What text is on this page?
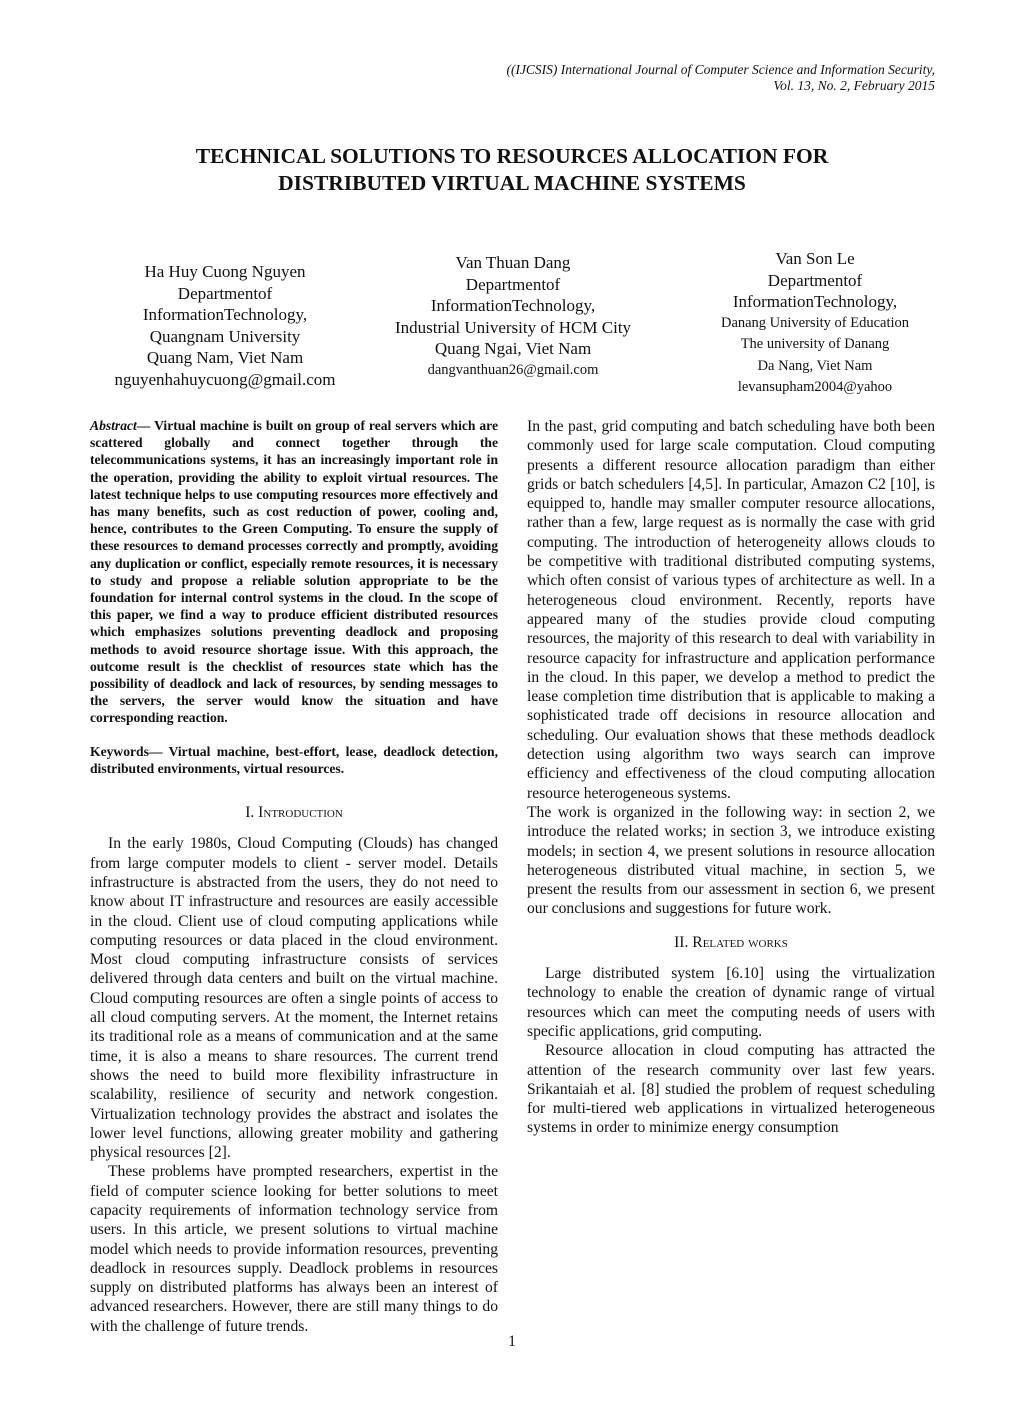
((IJCSIS) International Journal of Computer Science and Information Security,
Vol. 13, No. 2, February 2015
TECHNICAL SOLUTIONS TO RESOURCES ALLOCATION FOR
DISTRIBUTED VIRTUAL MACHINE SYSTEMS
Ha Huy Cuong Nguyen
Departmentof
InformationTechnology,
Quangnam University
Quang Nam, Viet Nam
nguyenhahuycuong@gmail.com
Van Thuan Dang
Departmentof
InformationTechnology,
Industrial University of HCM City
Quang Ngai, Viet Nam
dangvanthuan26@gmail.com
Van Son Le
Departmentof
InformationTechnology,
Danang University of Education
The university of Danang
Da Nang, Viet Nam
levansupham2004@yahoo

Abstract— Virtual machine is built on group of real servers which are scattered globally and connect together through the telecommunications systems, it has an increasingly important role in the operation, providing the ability to exploit virtual resources. The latest technique helps to use computing resources more effectively and has many benefits, such as cost reduction of power, cooling and, hence, contributes to the Green Computing. To ensure the supply of these resources to demand processes correctly and promptly, avoiding any duplication or conflict, especially remote resources, it is necessary to study and propose a reliable solution appropriate to be the foundation for internal control systems in the cloud. In the scope of this paper, we find a way to produce efficient distributed resources which emphasizes solutions preventing deadlock and proposing methods to avoid resource shortage issue. With this approach, the outcome result is the checklist of resources state which has the possibility of deadlock and lack of resources, by sending messages to the servers, the server would know the situation and have corresponding reaction.

Keywords— Virtual machine, best-effort, lease, deadlock detection, distributed environments, virtual resources.

I. Introduction

In the early 1980s, Cloud Computing (Clouds) has changed from large computer models to client - server model. Details infrastructure is abstracted from the users, they do not need to know about IT infrastructure and resources are easily accessible in the cloud. Client use of cloud computing applications while computing resources or data placed in the cloud environment. Most cloud computing infrastructure consists of services delivered through data centers and built on the virtual machine. Cloud computing resources are often a single points of access to all cloud computing servers. At the moment, the Internet retains its traditional role as a means of communication and at the same time, it is also a means to share resources. The current trend shows the need to build more flexibility infrastructure in scalability, resilience of security and network congestion. Virtualization technology provides the abstract and isolates the lower level functions, allowing greater mobility and gathering physical resources [2].

These problems have prompted researchers, expertist in the field of computer science looking for better solutions to meet capacity requirements of information technology service from users. In this article, we present solutions to virtual machine model which needs to provide information resources, preventing deadlock in resources supply. Deadlock problems in resources supply on distributed platforms has always been an interest of advanced researchers. However, there are still many things to do with the challenge of future trends.

In the past, grid computing and batch scheduling have both been commonly used for large scale computation. Cloud computing presents a different resource allocation paradigm than either grids or batch schedulers [4,5]. In particular, Amazon C2 [10], is equipped to, handle may smaller computer resource allocations, rather than a few, large request as is normally the case with grid computing. The introduction of heterogeneity allows clouds to be competitive with traditional distributed computing systems, which often consist of various types of architecture as well. In a heterogeneous cloud environment. Recently, reports have appeared many of the studies provide cloud computing resources, the majority of this research to deal with variability in resource capacity for infrastructure and application performance in the cloud. In this paper, we develop a method to predict the lease completion time distribution that is applicable to making a sophisticated trade off decisions in resource allocation and scheduling. Our evaluation shows that these methods deadlock detection using algorithm two ways search can improve efficiency and effectiveness of the cloud computing allocation resource heterogeneous systems.

The work is organized in the following way: in section 2, we introduce the related works; in section 3, we introduce existing models; in section 4, we present solutions in resource allocation heterogeneous distributed vitual machine, in section 5, we present the results from our assessment in section 6, we present our conclusions and suggestions for future work.

II. Related works

Large distributed system [6.10] using the virtualization technology to enable the creation of dynamic range of virtual resources which can meet the computing needs of users with specific applications, grid computing.

Resource allocation in cloud computing has attracted the attention of the research community over last few years. Srikantaiah et al. [8] studied the problem of request scheduling for multi-tiered web applications in virtualized heterogeneous systems in order to minimize energy consumption

1
